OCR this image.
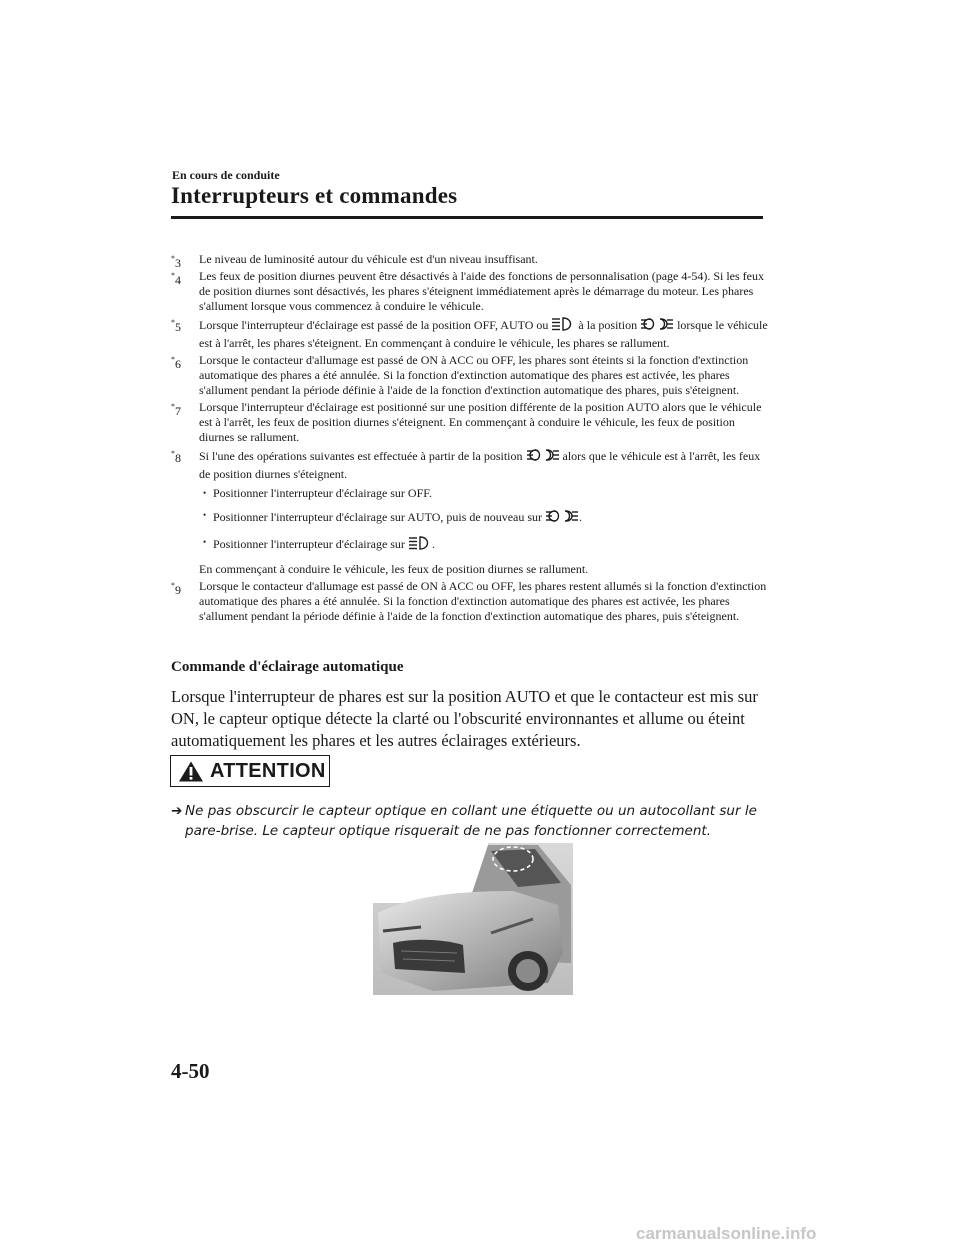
En cours de conduite
Interrupteurs et commandes
*3 Le niveau de luminosité autour du véhicule est d'un niveau insuffisant.
*4 Les feux de position diurnes peuvent être désactivés à l'aide des fonctions de personnalisation (page 4-54). Si les feux de position diurnes sont désactivés, les phares s'éteignent immédiatement après le démarrage du moteur. Les phares s'allument lorsque vous commencez à conduire le véhicule.
*5 Lorsque l'interrupteur d'éclairage est passé de la position OFF, AUTO ou	à la position	lorsque le véhicule est à l'arrêt, les phares s'éteignent. En commençant à conduire le véhicule, les phares se rallument.
*6 Lorsque le contacteur d'allumage est passé de ON à ACC ou OFF, les phares sont éteints si la fonction d'extinction automatique des phares a été annulée. Si la fonction d'extinction automatique des phares est activée, les phares s'allument pendant la période définie à l'aide de la fonction d'extinction automatique des phares, puis s'éteignent.
*7 Lorsque l'interrupteur d'éclairage est positionné sur une position différente de la position AUTO alors que le véhicule est à l'arrêt, les feux de position diurnes s'éteignent. En commençant à conduire le véhicule, les feux de position diurnes se rallument.
*8 Si l'une des opérations suivantes est effectuée à partir de la position	alors que le véhicule est à l'arrêt, les feux de position diurnes s'éteignent.
• Positionner l'interrupteur d'éclairage sur OFF.
• Positionner l'interrupteur d'éclairage sur AUTO, puis de nouveau sur	.
• Positionner l'interrupteur d'éclairage sur .
En commençant à conduire le véhicule, les feux de position diurnes se rallument.
*9 Lorsque le contacteur d'allumage est passé de ON à ACC ou OFF, les phares restent allumés si la fonction d'extinction automatique des phares a été annulée. Si la fonction d'extinction automatique des phares est activée, les phares s'allument pendant la période définie à l'aide de la fonction d'extinction automatique des phares, puis s'éteignent.
Commande d'éclairage automatique
Lorsque l'interrupteur de phares est sur la position AUTO et que le contacteur est mis sur ON, le capteur optique détecte la clarté ou l'obscurité environnantes et allume ou éteint automatiquement les phares et les autres éclairages extérieurs.
ATTENTION
➔ Ne pas obscurcir le capteur optique en collant une étiquette ou un autocollant sur le pare-brise. Le capteur optique risquerait de ne pas fonctionner correctement.
4-50
carmanualsonline.info
